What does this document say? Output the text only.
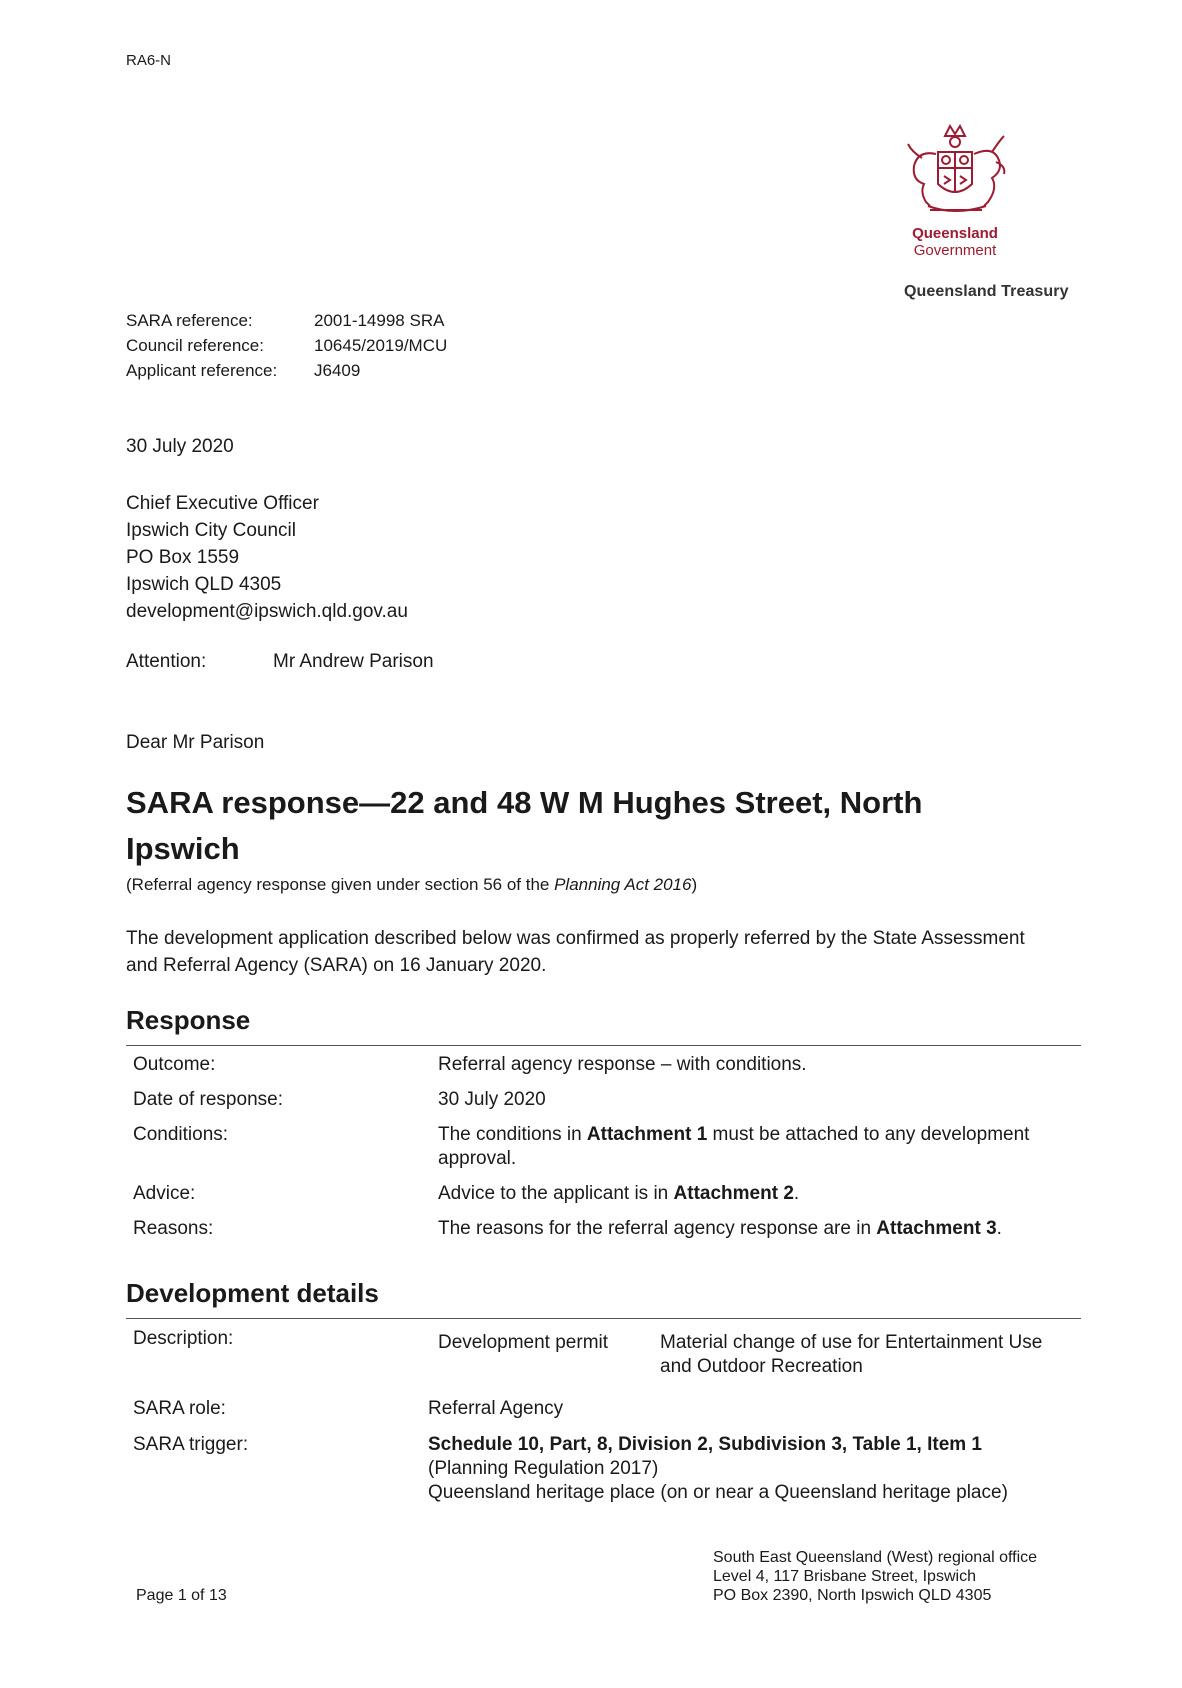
RA6-N
Queensland
Government
Queensland Treasury
SARA reference:	2001-14998 SRA
Council reference:	10645/2019/MCU
Applicant reference:	J6409
30 July 2020
Chief Executive Officer
Ipswich City Council
PO Box 1559
Ipswich QLD 4305
development@ipswich.qld.gov.au
Attention:	Mr Andrew Parison
Dear Mr Parison
SARA response—22 and 48 W M Hughes Street, North Ipswich
(Referral agency response given under section 56 of the Planning Act 2016)
The development application described below was confirmed as properly referred by the State Assessment and Referral Agency (SARA) on 16 January 2020.
Response
Outcome:	Referral agency response – with conditions.
Date of response:	30 July 2020
Conditions:	The conditions in Attachment 1 must be attached to any development approval.
Advice:	Advice to the applicant is in Attachment 2.
Reasons:	The reasons for the referral agency response are in Attachment 3.
Development details
Description:	Development permit	Material change of use for Entertainment Use and Outdoor Recreation
SARA role:	Referral Agency
SARA trigger:	Schedule 10, Part, 8, Division 2, Subdivision 3, Table 1, Item 1
(Planning Regulation 2017)
Queensland heritage place (on or near a Queensland heritage place)
Page 1 of 13
South East Queensland (West) regional office
Level 4, 117 Brisbane Street, Ipswich
PO Box 2390, North Ipswich QLD 4305
